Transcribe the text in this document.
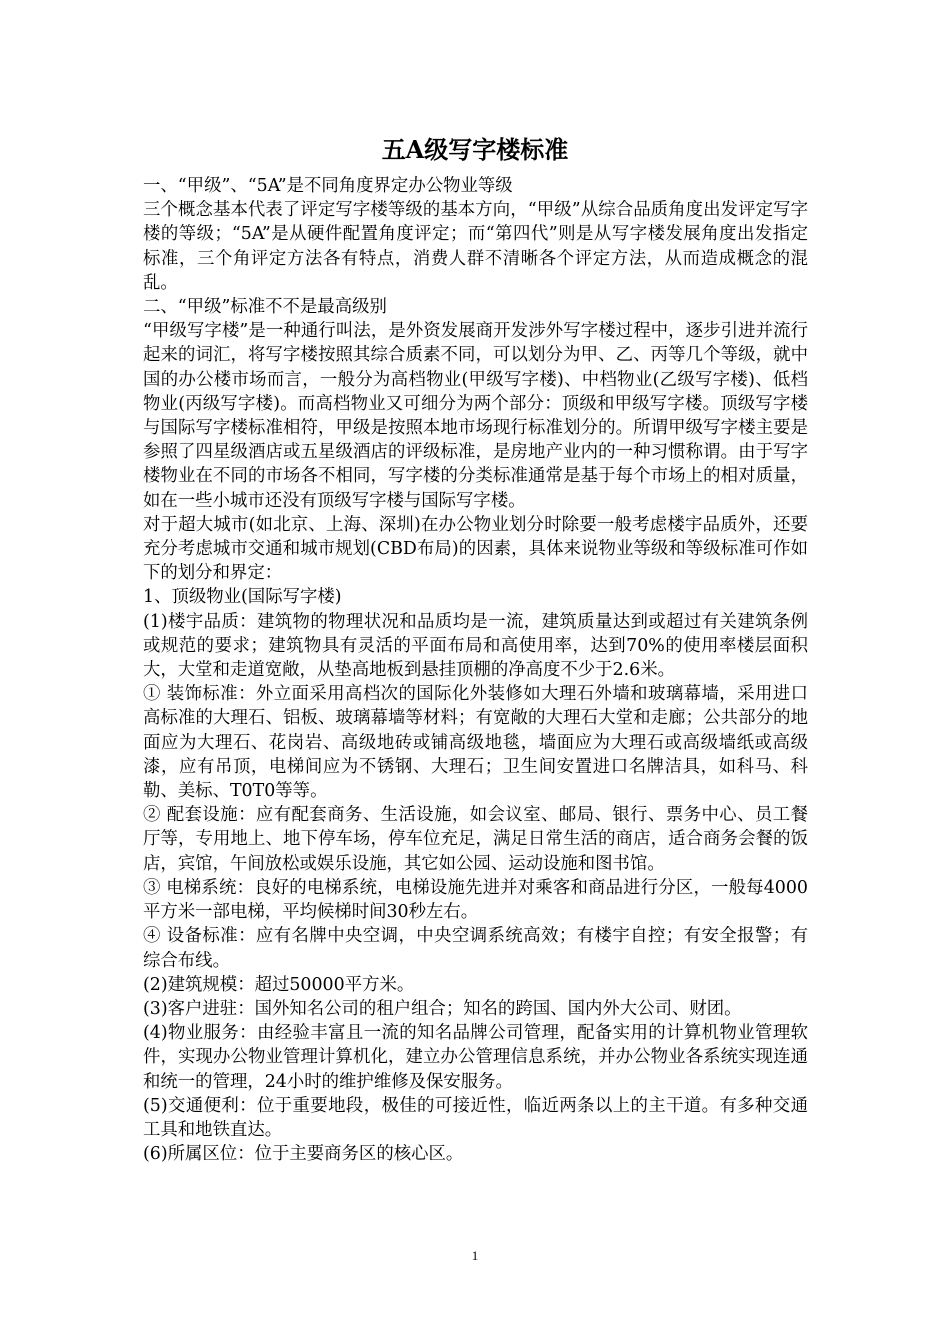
五A级写字楼标准

一、“甲级”、“5A”是不同角度界定办公物业等级

三个概念基本代表了评定写字楼等级的基本方向，“甲级”从综合品质角度出发评定写字楼的等级；“5A”是从硬件配置角度评定；而“第四代”则是从写字楼发展角度出发指定标准，三个角评定方法各有特点，消费人群不清晰各个评定方法，从而造成概念的混乱。

二、“甲级”标准不不是最高级别

“甲级写字楼”是一种通行叫法，是外资发展商开发涉外写字楼过程中，逐步引进并流行起来的词汇，将写字楼按照其综合质素不同，可以划分为甲、乙、丙等几个等级，就中国的办公楼市场而言，一般分为高档物业(甲级写字楼)、中档物业(乙级写字楼)、低档物业(丙级写字楼)。而高档物业又可细分为两个部分：顶级和甲级写字楼。顶级写字楼与国际写字楼标准相符，甲级是按照本地市场现行标准划分的。所谓甲级写字楼主要是参照了四星级酒店或五星级酒店的评级标准，是房地产业内的一种习惯称谓。由于写字楼物业在不同的市场各不相同，写字楼的分类标准通常是基于每个市场上的相对质量，如在一些小城市还没有顶级写字楼与国际写字楼。

对于超大城市(如北京、上海、深圳)在办公物业划分时除要一般考虑楼宇品质外，还要充分考虑城市交通和城市规划(CBD布局)的因素，具体来说物业等级和等级标准可作如下的划分和界定：

1、顶级物业(国际写字楼)

(1)楼宇品质：建筑物的物理状况和品质均是一流，建筑质量达到或超过有关建筑条例或规范的要求；建筑物具有灵活的平面布局和高使用率，达到70%的使用率楼层面积大，大堂和走道宽敞，从垫高地板到悬挂顶棚的净高度不少于2.6米。

① 装饰标准：外立面采用高档次的国际化外装修如大理石外墙和玻璃幕墙，采用进口高标准的大理石、铝板、玻璃幕墙等材料；有宽敞的大理石大堂和走廊；公共部分的地面应为大理石、花岗岩、高级地砖或铺高级地毯，墙面应为大理石或高级墙纸或高级漆，应有吊顶，电梯间应为不锈钢、大理石；卫生间安置进口名牌洁具，如科马、科勒、美标、T0T0等等。

② 配套设施：应有配套商务、生活设施，如会议室、邮局、银行、票务中心、员工餐厅等，专用地上、地下停车场，停车位充足，满足日常生活的商店，适合商务会餐的饭店，宾馆，午间放松或娱乐设施，其它如公园、运动设施和图书馆。

③ 电梯系统：良好的电梯系统，电梯设施先进并对乘客和商品进行分区，一般每4000平方米一部电梯，平均候梯时间30秒左右。

④ 设备标准：应有名牌中央空调，中央空调系统高效；有楼宇自控；有安全报警；有综合布线。

(2)建筑规模：超过50000平方米。

(3)客户进驻：国外知名公司的租户组合；知名的跨国、国内外大公司、财团。

(4)物业服务：由经验丰富且一流的知名品牌公司管理，配备实用的计算机物业管理软件，实现办公物业管理计算机化，建立办公管理信息系统，并办公物业各系统实现连通和统一的管理，24小时的维护维修及保安服务。

(5)交通便利：位于重要地段，极佳的可接近性，临近两条以上的主干道。有多种交通工具和地铁直达。

(6)所属区位：位于主要商务区的核心区。

1
